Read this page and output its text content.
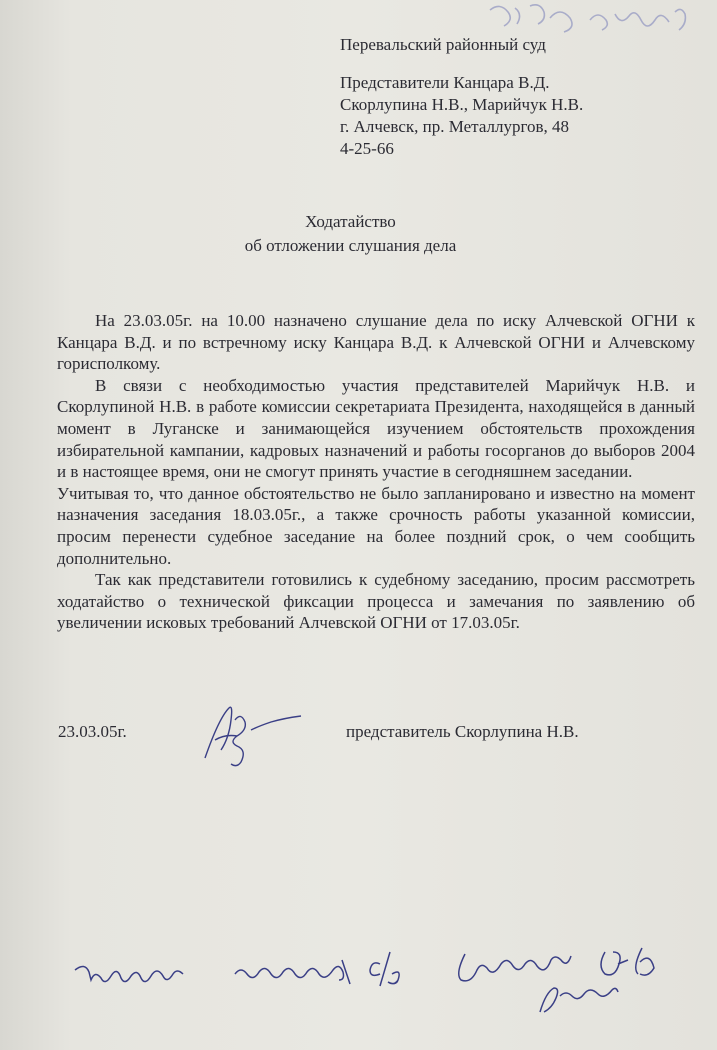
Перевальский районный суд
Представители Канцара В.Д.
Скорлупина Н.В., Марийчук Н.В.
г. Алчевск, пр. Металлургов, 48
4-25-66
Ходатайство
об отложении слушания дела

На 23.03.05г. на 10.00 назначено слушание дела по иску Алчевской ОГНИ к Канцара В.Д. и по встречному иску Канцара В.Д. к Алчевской ОГНИ и Алчевскому горисполкому.

В связи с необходимостью участия представителей Марийчук Н.В. и Скорлупиной Н.В. в работе комиссии секретариата Президента, находящейся в данный момент в Луганске и занимающейся изучением обстоятельств прохождения избирательной кампании, кадровых назначений и работы госорганов до выборов 2004 и в настоящее время, они не смогут принять участие в сегодняшнем заседании.

Учитывая то, что данное обстоятельство не было запланировано и известно на момент назначения заседания 18.03.05г., а также срочность работы указанной комиссии, просим перенести судебное заседание на более поздний срок, о чем сообщить дополнительно.

Так как представители готовились к судебному заседанию, просим рассмотреть ходатайство о технической фиксации процесса и замечания по заявлению об увеличении исковых требований Алчевской ОГНИ от 17.03.05г.

23.03.05г.	представитель Скорлупина Н.В.
